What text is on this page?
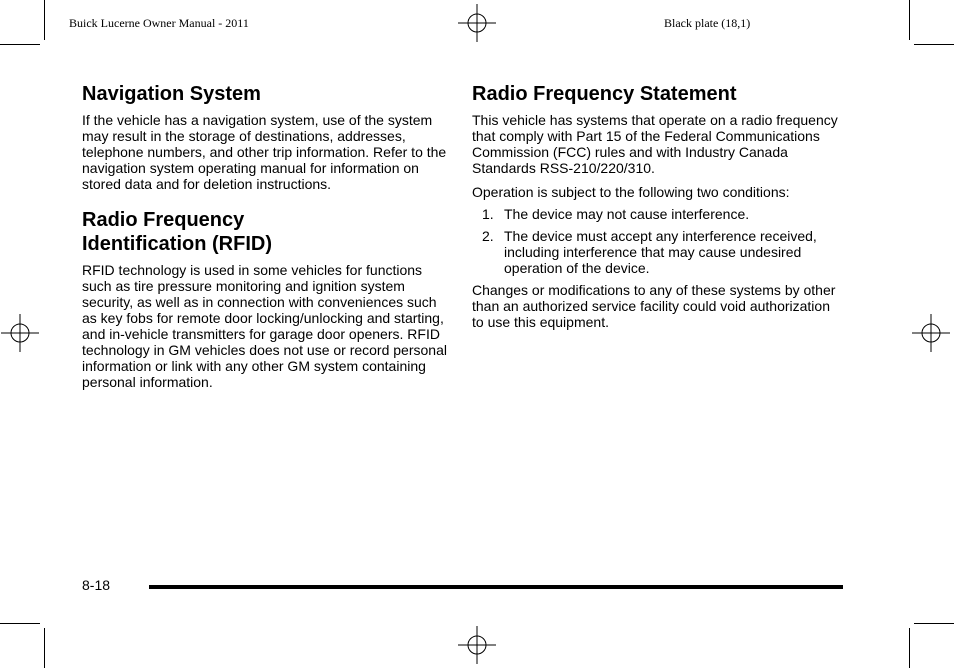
Buick Lucerne Owner Manual - 2011	Black plate (18,1)
Navigation System

If the vehicle has a navigation system, use of the system may result in the storage of destinations, addresses, telephone numbers, and other trip information. Refer to the navigation system operating manual for information on stored data and for deletion instructions.

Radio Frequency
Identification (RFID)

RFID technology is used in some vehicles for functions such as tire pressure monitoring and ignition system security, as well as in connection with conveniences such as key fobs for remote door locking/unlocking and starting, and in-vehicle transmitters for garage door openers. RFID technology in GM vehicles does not use or record personal information or link with any other GM system containing personal information.

Radio Frequency Statement

This vehicle has systems that operate on a radio frequency that comply with Part 15 of the Federal Communications Commission (FCC) rules and with Industry Canada Standards RSS-210/220/310.

Operation is subject to the following two conditions:

1. The device may not cause interference.
2. The device must accept any interference received, including interference that may cause undesired operation of the device.

Changes or modifications to any of these systems by other than an authorized service facility could void authorization to use this equipment.

8-18
